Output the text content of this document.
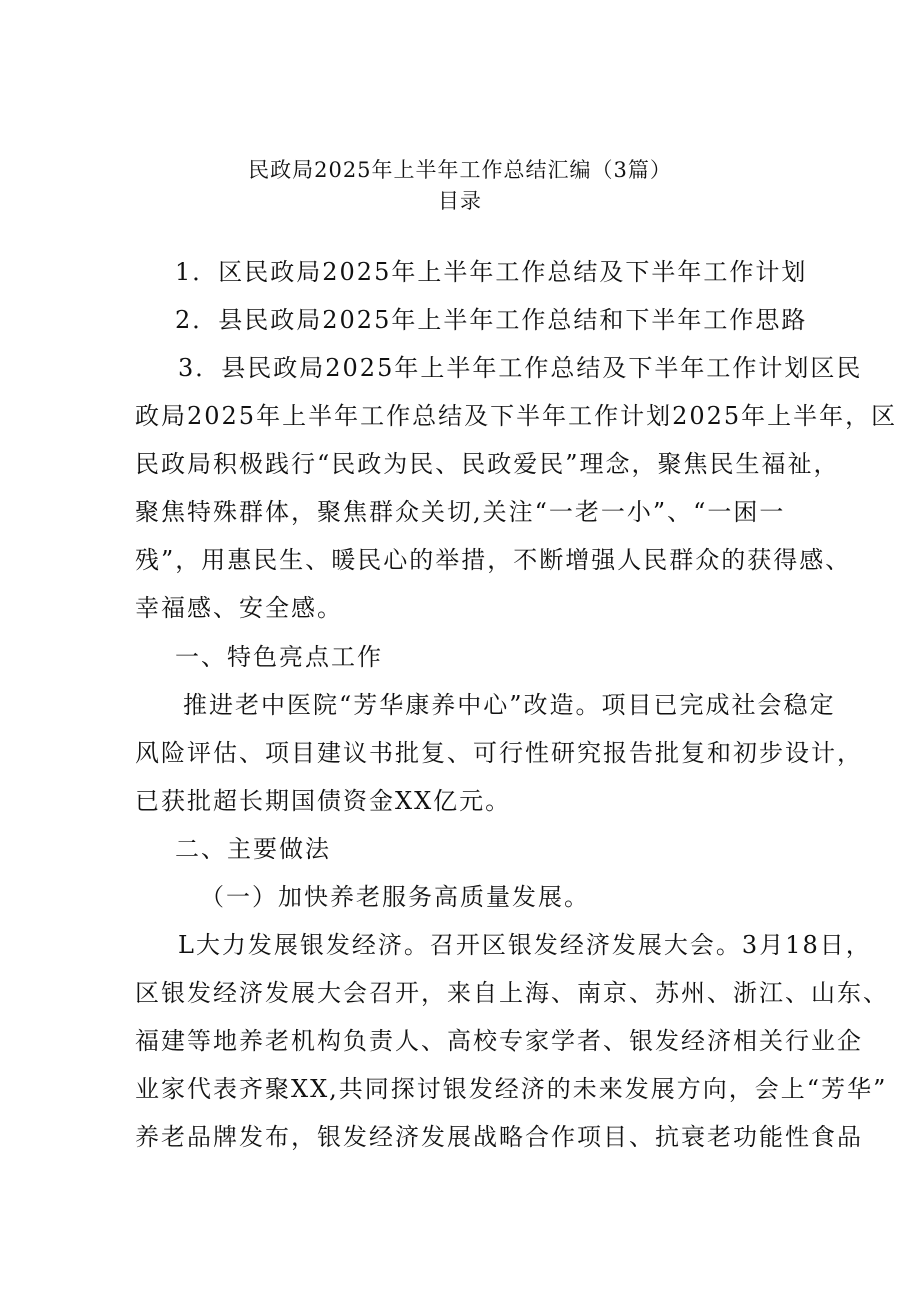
民政局2025年上半年工作总结汇编（3篇）
目录
1．区民政局2025年上半年工作总结及下半年工作计划
2．县民政局2025年上半年工作总结和下半年工作思路
3．县民政局2025年上半年工作总结及下半年工作计划区民
政局2025年上半年工作总结及下半年工作计划2025年上半年，区
民政局积极践行“民政为民、民政爱民”理念，聚焦民生福祉，
聚焦特殊群体，聚焦群众关切,关注“一老一小”、“一困一
残”，用惠民生、暖民心的举措，不断增强人民群众的获得感、
幸福感、安全感。
一、特色亮点工作
推进老中医院“芳华康养中心”改造。项目已完成社会稳定
风险评估、项目建议书批复、可行性研究报告批复和初步设计，
已获批超长期国债资金XX亿元。
二、主要做法
（一）加快养老服务高质量发展。
L大力发展银发经济。召开区银发经济发展大会。3月18日，
区银发经济发展大会召开，来自上海、南京、苏州、浙江、山东、
福建等地养老机构负责人、高校专家学者、银发经济相关行业企
业家代表齐聚XX,共同探讨银发经济的未来发展方向，会上“芳华”
养老品牌发布，银发经济发展战略合作项目、抗衰老功能性食品
